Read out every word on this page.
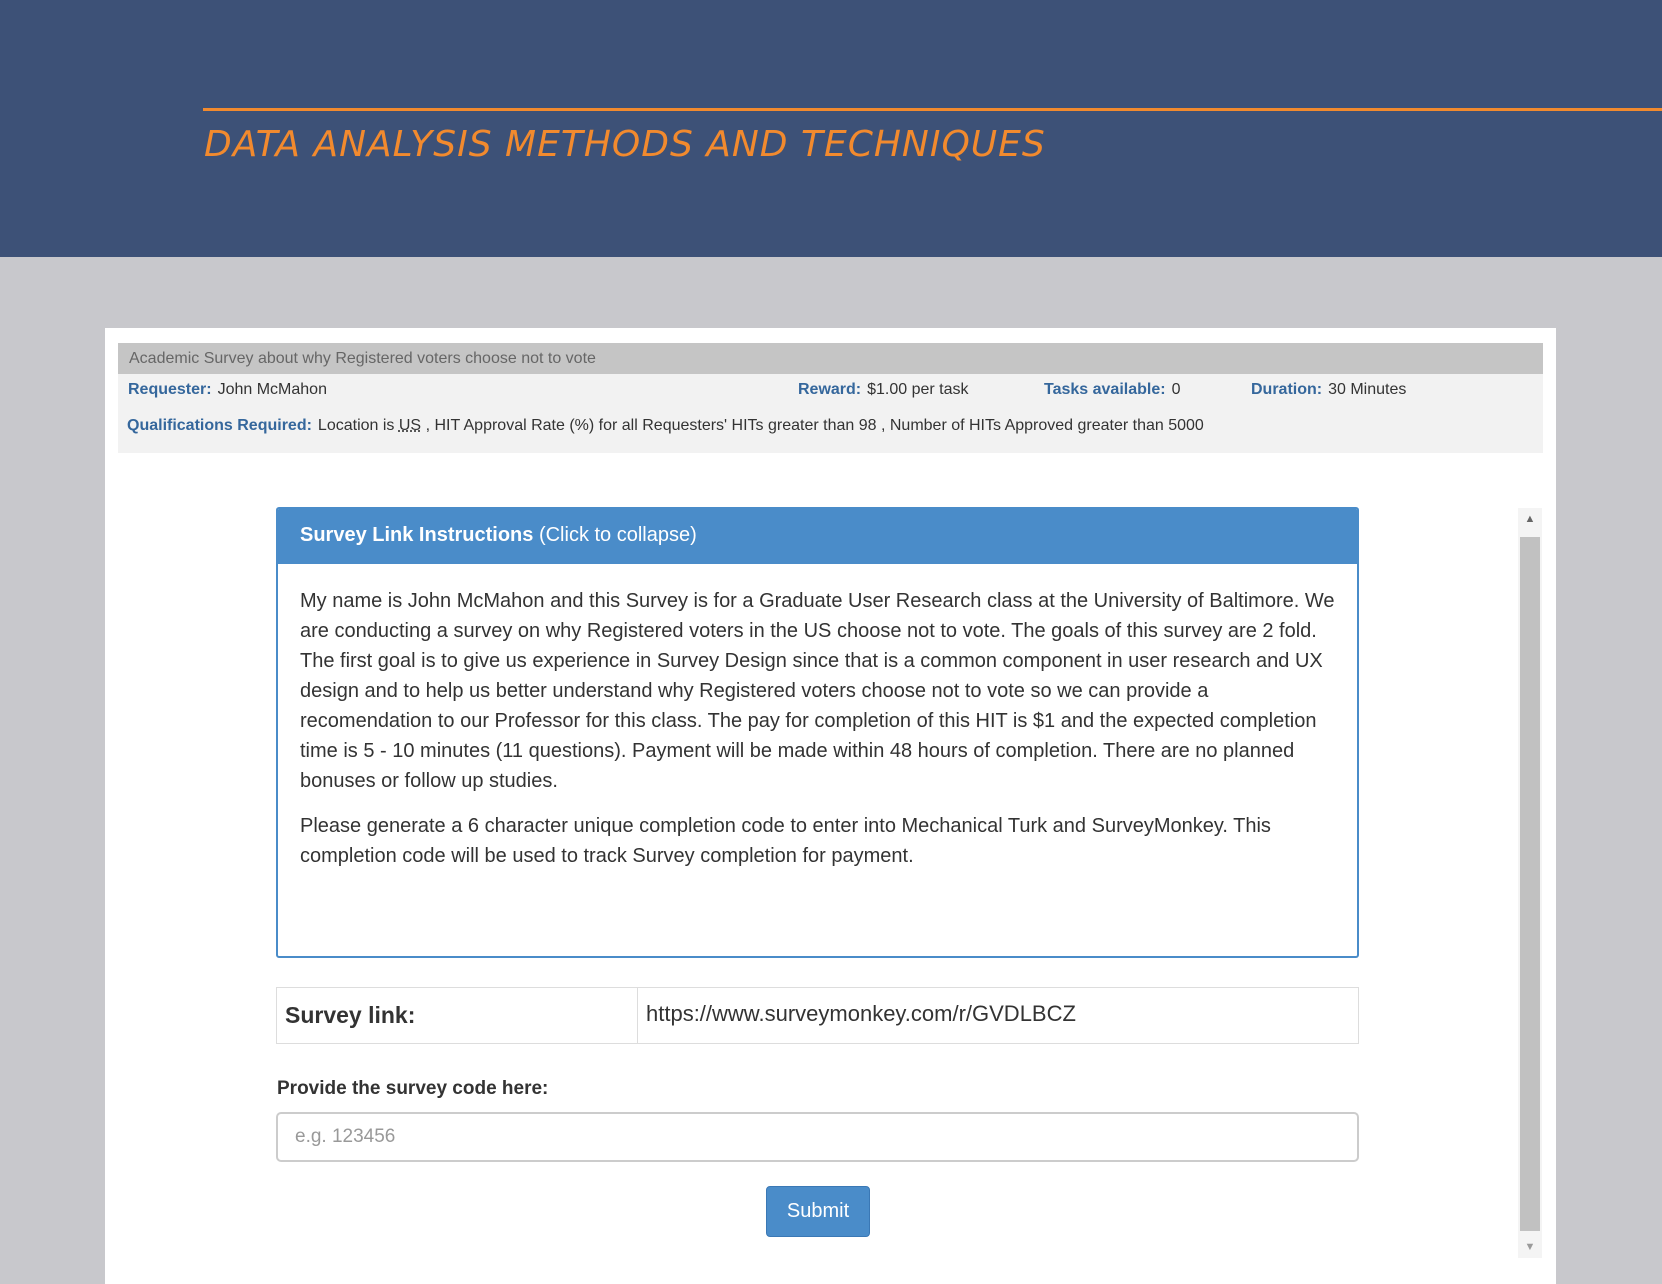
DATA ANALYSIS METHODS AND TECHNIQUES
Academic Survey about why Registered voters choose not to vote
Requester: John McMahon	Reward: $1.00 per task	Tasks available: 0	Duration: 30 Minutes
Qualifications Required: Location is US , HIT Approval Rate (%) for all Requesters' HITs greater than 98 , Number of HITs Approved greater than 5000
Survey Link Instructions (Click to collapse)

My name is John McMahon and this Survey is for a Graduate User Research class at the University of Baltimore. We are conducting a survey on why Registered voters in the US choose not to vote. The goals of this survey are 2 fold. The first goal is to give us experience in Survey Design since that is a common component in user research and UX design and to help us better understand why Registered voters choose not to vote so we can provide a recomendation to our Professor for this class. The pay for completion of this HIT is $1 and the expected completion time is 5 - 10 minutes (11 questions). Payment will be made within 48 hours of completion. There are no planned bonuses or follow up studies.

Please generate a 6 character unique completion code to enter into Mechanical Turk and SurveyMonkey. This completion code will be used to track Survey completion for payment.

Survey link:	https://www.surveymonkey.com/r/GVDLBCZ
Provide the survey code here:
e.g. 123456
Submit
▲
▼
